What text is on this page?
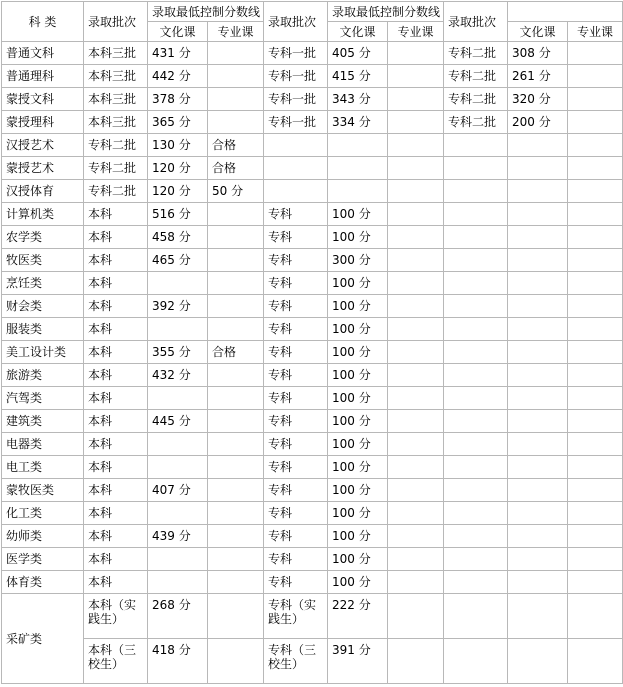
科 类	录取批次	录取最低控制分数线		录取批次	录取最低控制分数线		录取批次		
		文化课	专业课		文化课	专业课		文化课	专业课
普通文科	本科三批	431 分		专科一批	405 分		专科二批	308 分	
普通理科	本科三批	442 分		专科一批	415 分		专科二批	261 分	
蒙授文科	本科三批	378 分		专科一批	343 分		专科二批	320 分	
蒙授理科	本科三批	365 分		专科一批	334 分		专科二批	200 分	
汉授艺术	专科二批	130 分	合格						
蒙授艺术	专科二批	120 分	合格						
汉授体育	专科二批	120 分	50 分						
计算机类	本科	516 分		专科	100 分				
农学类	本科	458 分		专科	100 分				
牧医类	本科	465 分		专科	300 分				
烹饪类	本科			专科	100 分				
财会类	本科	392 分		专科	100 分				
服装类	本科			专科	100 分				
美工设计类	本科	355 分	合格	专科	100 分				
旅游类	本科	432 分		专科	100 分				
汽驾类	本科			专科	100 分				
建筑类	本科	445 分		专科	100 分				
电器类	本科			专科	100 分				
电工类	本科			专科	100 分				
蒙牧医类	本科	407 分		专科	100 分				
化工类	本科			专科	100 分				
幼师类	本科	439 分		专科	100 分				
医学类	本科			专科	100 分				
体育类	本科			专科	100 分				
采矿类	本科（实践生）	268 分		专科（实践生）	222 分				
	本科（三校生）	418 分		专科（三校生）	391 分				
